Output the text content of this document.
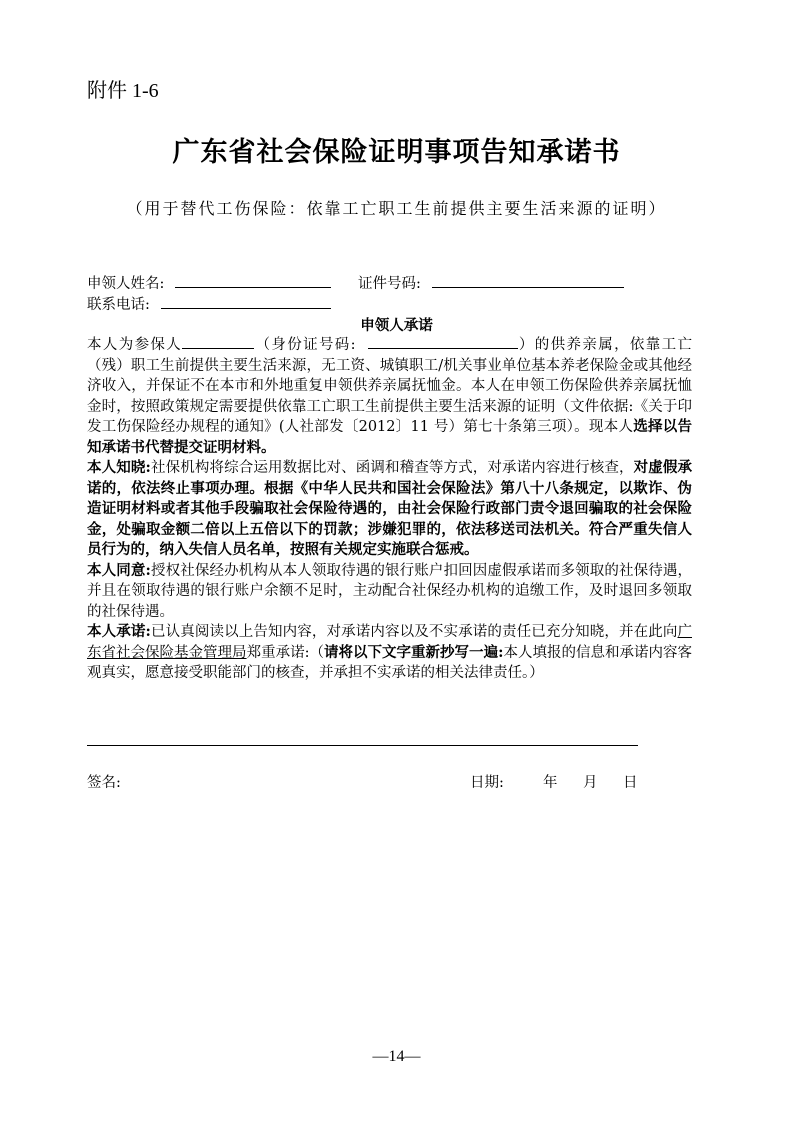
附件 1-6
广东省社会保险证明事项告知承诺书
（用于替代工伤保险：依靠工亡职工生前提供主要生活来源的证明）
申领人姓名:	证件号码:
联系电话:
申领人承诺

本人为参保人	（身份证号码:	）的供养亲属，依靠工亡（残）职工生前提供主要生活来源，无工资、城镇职工/机关事业单位基本养老保险金或其他经济收入，并保证不在本市和外地重复申领供养亲属抚恤金。本人在申领工伤保险供养亲属抚恤金时，按照政策规定需要提供依靠工亡职工生前提供主要生活来源的证明（文件依据:《关于印发工伤保险经办规程的通知》(人社部发〔2012〕11 号）第七十条第三项）。现本人选择以告知承诺书代替提交证明材料。

本人知晓:社保机构将综合运用数据比对、函调和稽查等方式，对承诺内容进行核查，对虚假承诺的，依法终止事项办理。根据《中华人民共和国社会保险法》第八十八条规定，以欺诈、伪造证明材料或者其他手段骗取社会保险待遇的，由社会保险行政部门责令退回骗取的社会保险金，处骗取金额二倍以上五倍以下的罚款；涉嫌犯罪的，依法移送司法机关。符合严重失信人员行为的，纳入失信人员名单，按照有关规定实施联合惩戒。

本人同意:授权社保经办机构从本人领取待遇的银行账户扣回因虚假承诺而多领取的社保待遇，并且在领取待遇的银行账户余额不足时，主动配合社保经办机构的追缴工作，及时退回多领取的社保待遇。

本人承诺:已认真阅读以上告知内容，对承诺内容以及不实承诺的责任已充分知晓，并在此向广东省社会保险基金管理局郑重承诺:（请将以下文字重新抄写一遍:本人填报的信息和承诺内容客观真实，愿意接受职能部门的核查，并承担不实承诺的相关法律责任。）

签名:	日期:	年 月 日
—14—
